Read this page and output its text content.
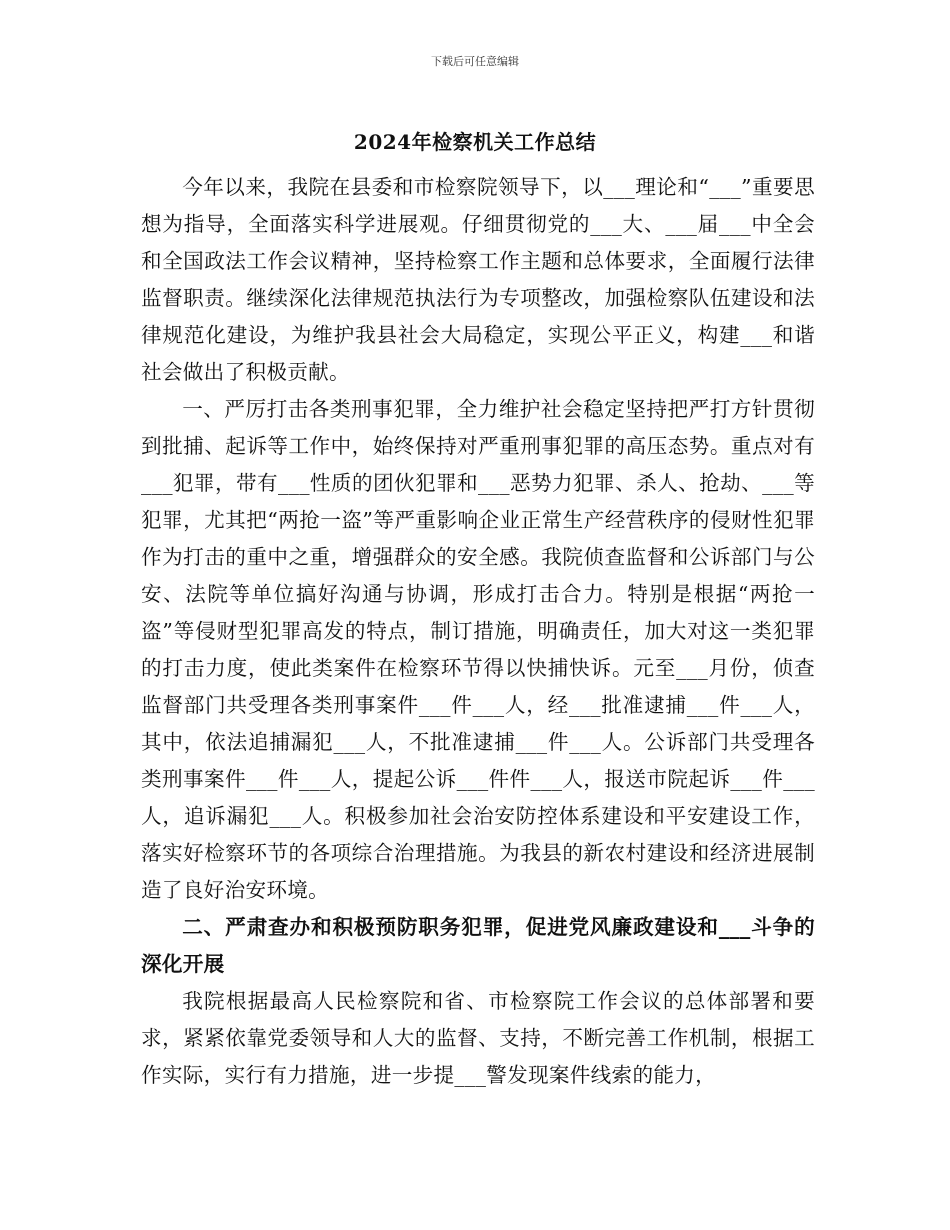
下载后可任意编辑
2024年检察机关工作总结

今年以来，我院在县委和市检察院领导下，以___理论和“___”重要思想为指导，全面落实科学进展观。仔细贯彻党的___大、___届___中全会和全国政法工作会议精神，坚持检察工作主题和总体要求，全面履行法律监督职责。继续深化法律规范执法行为专项整改，加强检察队伍建设和法律规范化建设，为维护我县社会大局稳定，实现公平正义，构建___和谐社会做出了积极贡献。

一、严厉打击各类刑事犯罪，全力维护社会稳定坚持把严打方针贯彻到批捕、起诉等工作中，始终保持对严重刑事犯罪的高压态势。重点对有___犯罪，带有___性质的团伙犯罪和___恶势力犯罪、杀人、抢劫、___等犯罪，尤其把“两抢一盗”等严重影响企业正常生产经营秩序的侵财性犯罪作为打击的重中之重，增强群众的安全感。我院侦查监督和公诉部门与公安、法院等单位搞好沟通与协调，形成打击合力。特别是根据“两抢一盗”等侵财型犯罪高发的特点，制订措施，明确责任，加大对这一类犯罪的打击力度，使此类案件在检察环节得以快捕快诉。元至___月份，侦查监督部门共受理各类刑事案件___件___人，经___批准逮捕___件___人，其中，依法追捕漏犯___人，不批准逮捕___件___人。公诉部门共受理各类刑事案件___件___人，提起公诉___件件___人，报送市院起诉___件___人，追诉漏犯___人。积极参加社会治安防控体系建设和平安建设工作，落实好检察环节的各项综合治理措施。为我县的新农村建设和经济进展制造了良好治安环境。

二、严肃查办和积极预防职务犯罪，促进党风廉政建设和___斗争的深化开展

我院根据最高人民检察院和省、市检察院工作会议的总体部署和要求，紧紧依靠党委领导和人大的监督、支持，不断完善工作机制，根据工作实际，实行有力措施，进一步提___警发现案件线索的能力，
